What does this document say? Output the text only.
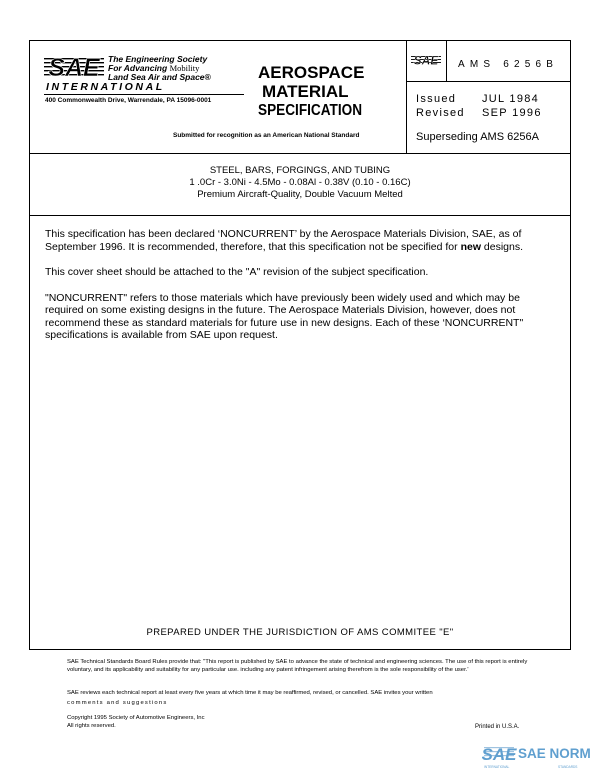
SAE The Engineering Society
For Advancing Mobility
Land Sea Air and Space®
INTERNATIONAL
400 Commonwealth Drive, Warrendale, PA 15096-0001
AEROSPACE
MATERIAL
SPECIFICATION
Submitted for recognition as an American National Standard
SAE AMS 6256B
Issued	JUL 1984
Revised	SEP 1996
Superseding AMS 6256A
STEEL, BARS, FORGINGS, AND TUBING
1 .0Cr - 3.0Ni - 4.5Mo - 0.08Al - 0.38V (0.10 - 0.16C)
Premium Aircraft-Quality, Double Vacuum Melted

This specification has been declared ‘NONCURRENT’ by the Aerospace Materials Division, SAE, as of September 1996. It is recommended, therefore, that this specification not be specified for new designs.

This cover sheet should be attached to the "A" revision of the subject specification.

"NONCURRENT" refers to those materials which have previously been widely used and which may be required on some existing designs in the future. The Aerospace Materials Division, however, does not recommend these as standard materials for future use in new designs. Each of these ‘NONCURRENT" specifications is available from SAE upon request.

PREPARED UNDER THE JURISDICTION OF AMS COMMITEE "E"
SAE Technical Standards Board Rules provide that: "This report is published by SAE to advance the state of technical and engineering sciences. The use of this report is entirely voluntary, and its applicability and suitability for any particular use. including any patent infringement arising therefrom is the sole responsibility of the user.'
SAE reviews each technical report at least every five years at which time it may be reaffirmed, revised, or cancelled. SAE invites your written
comments and suggestions
Copyright 1995 Society of Automotive Engineers, Inc
All rights reserved.	Printed in U.S.A.
SAE SAE NORM
INTERNATIONAL	STANDARDS
